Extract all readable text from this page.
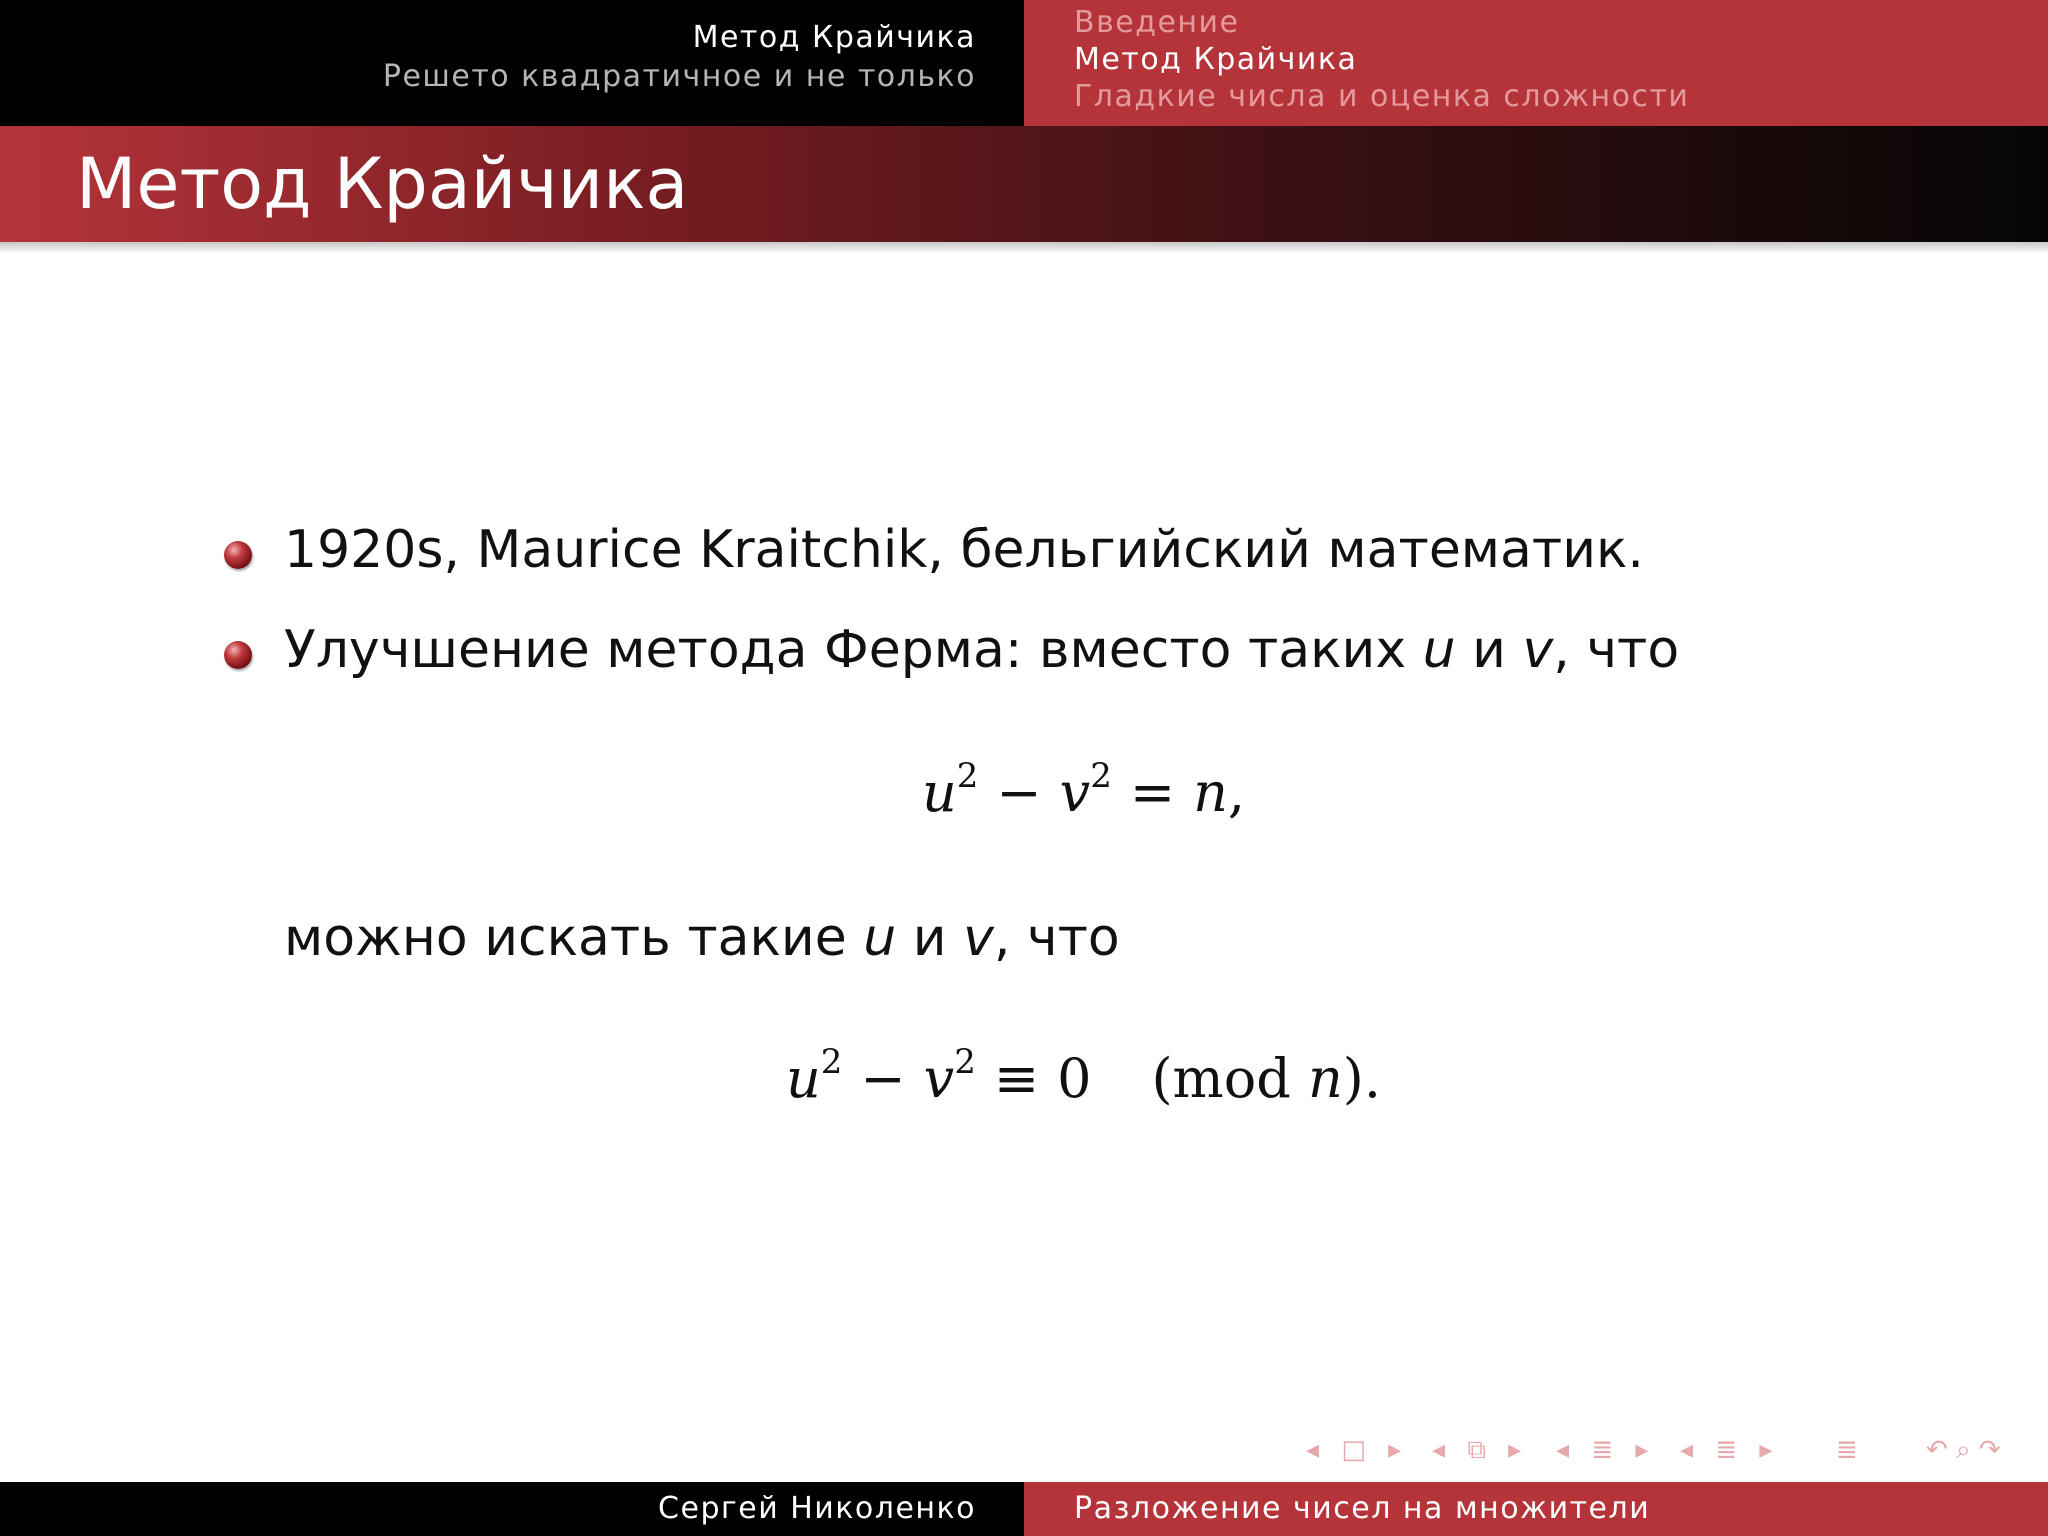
Метод Крайчика
Решето квадратичное и не только
Введение
Метод Крайчика
Гладкие числа и оценка сложности
Метод Крайчика
1920s, Maurice Kraitchik, бельгийский математик.
Улучшение метода Ферма: вместо таких u и v, что
$u^2 - v^2 = n$,
можно искать такие u и v, что
$u^2 - v^2 \equiv 0$ (mod n).
◂ □ ▸ ◂ ⧉ ▸ ◂ ≣ ▸ ◂ ≣ ▸ ≣	↶ ⌕ ↷
Сергей Николенко	Разложение чисел на множители
